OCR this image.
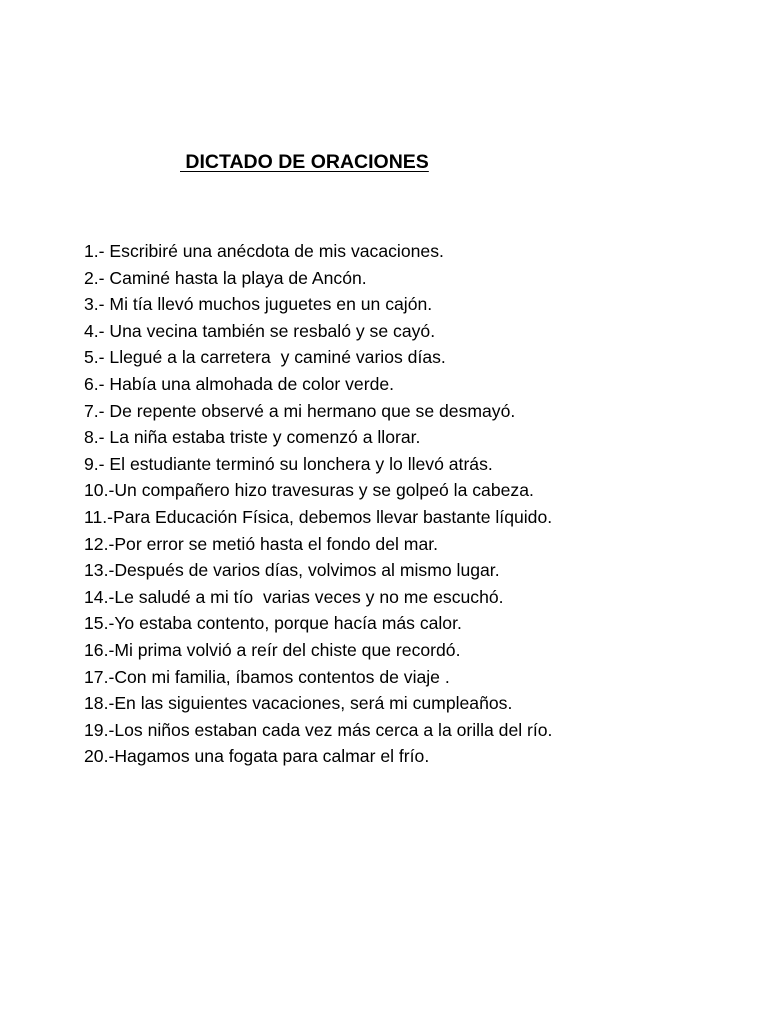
DICTADO DE ORACIONES
1.- Escribiré una anécdota de mis vacaciones.
2.- Caminé hasta la playa de Ancón.
3.- Mi tía llevó muchos juguetes en un cajón.
4.- Una vecina también se resbaló y se cayó.
5.- Llegué a la carretera  y caminé varios días.
6.- Había una almohada de color verde.
7.- De repente observé a mi hermano que se desmayó.
8.- La niña estaba triste y comenzó a llorar.
9.- El estudiante terminó su lonchera y lo llevó atrás.
10.-Un compañero hizo travesuras y se golpeó la cabeza.
11.-Para Educación Física, debemos llevar bastante líquido.
12.-Por error se metió hasta el fondo del mar.
13.-Después de varios días, volvimos al mismo lugar.
14.-Le saludé a mi tío  varias veces y no me escuchó.
15.-Yo estaba contento, porque hacía más calor.
16.-Mi prima volvió a reír del chiste que recordó.
17.-Con mi familia, íbamos contentos de viaje .
18.-En las siguientes vacaciones, será mi cumpleaños.
19.-Los niños estaban cada vez más cerca a la orilla del río.
20.-Hagamos una fogata para calmar el frío.
